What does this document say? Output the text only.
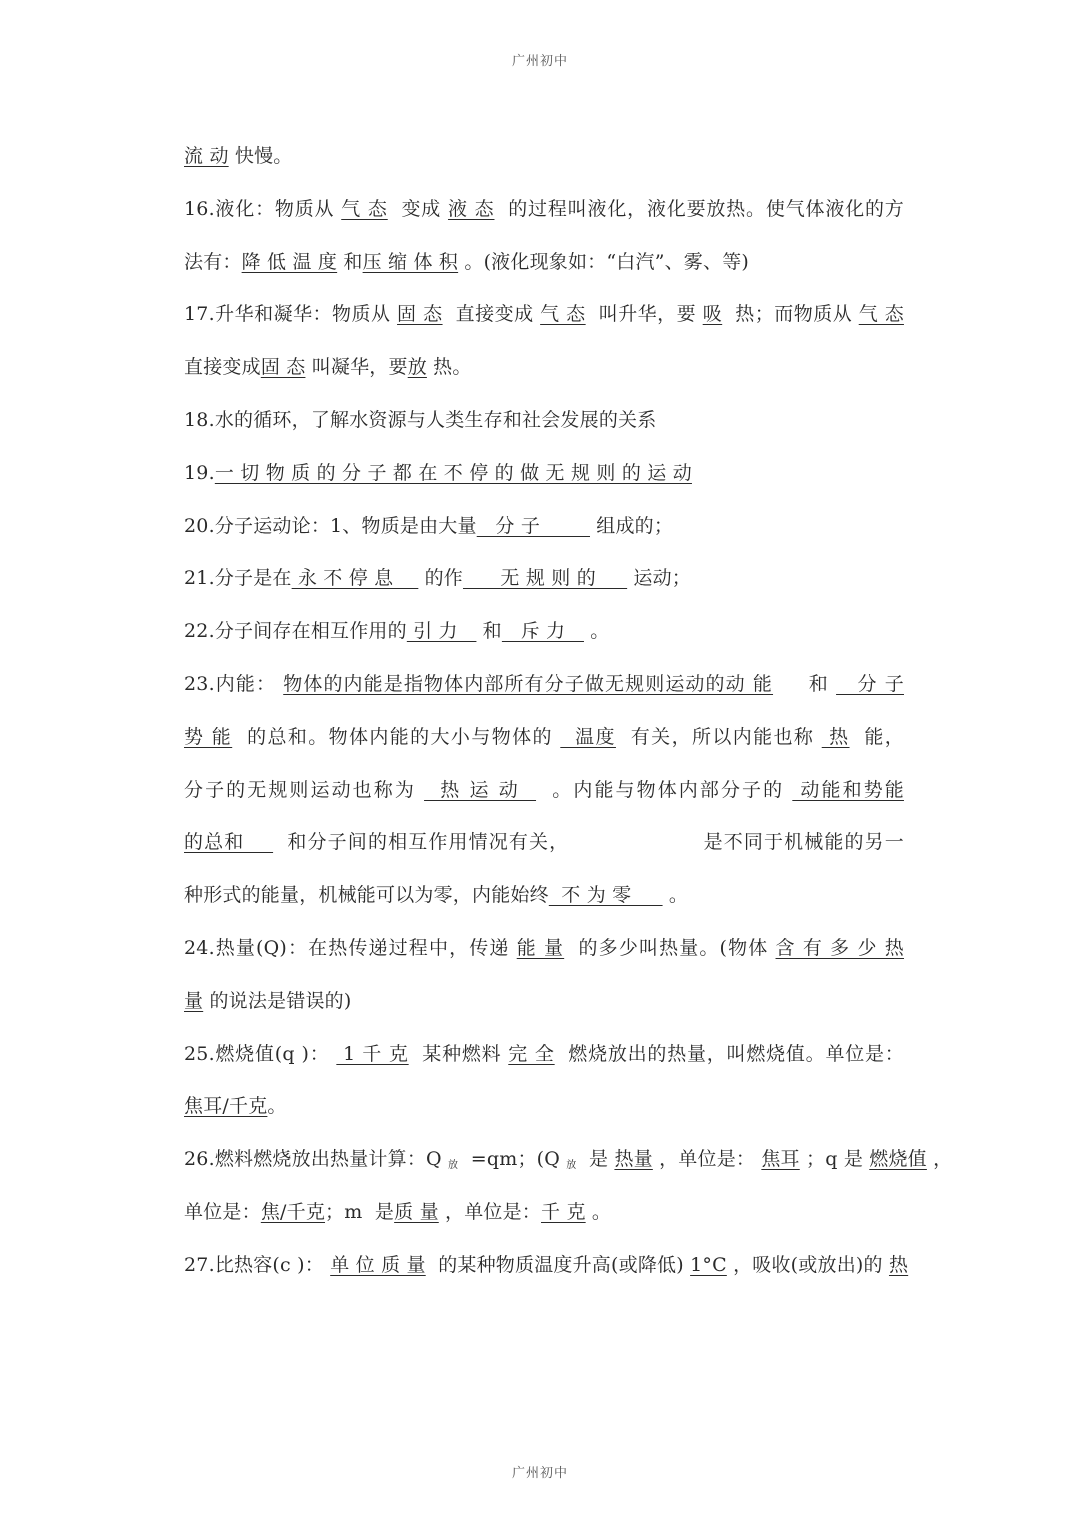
广州初中
流 动 快慢。
16.液化：物质从 气 态  变成 液 态  的过程叫液化，液化要放热。使气体液化的方
法有：降 低 温 度 和压 缩 体 积 。(液化现象如：“白汽”、雾、等)
17.升华和凝华：物质从 固 态  直接变成 气 态  叫升华，要 吸  热；而物质从 气 态
直接变成固 态 叫凝华，要放 热。
18.水的循环，了解水资源与人类生存和社会发展的关系
19.一 切 物 质 的 分 子 都 在 不 停 的 做 无 规 则 的 运 动
20.分子运动论：1、物质是由大量   分 子         组成的；
21.分子是在 永 不 停 息     的作      无 规 则 的      运动；
22.分子间存在相互作用的 引 力    和   斥 力    。
23.内能： 物体的内能是指物体内部所有分子做无规则运动的动 能     和    分 子
势 能  的总和。物体内能的大小与物体的   温度  有关，所以内能也称  热  能，
分子的无规则运动也称为   热 运 动    。内能与物体内部分子的  动能和势能
的总和      和分子间的相互作用情况有关，	是不同于机械能的另一
种形式的能量，机械能可以为零，内能始终  不 为 零      。
24.热量(Q)：在热传递过程中，传递 能 量  的多少叫热量。(物体 含 有 多 少 热
量 的说法是错误的)
25.燃烧值(q )：  1 千 克  某种燃料 完 全  燃烧放出的热量，叫燃烧值。单位是：
焦耳/千克。
26.燃料燃烧放出热量计算：Q $_放$  =qm；(Q $_放$  是 热量 ，单位是： 焦耳 ；q 是 燃烧值 ，
单位是：焦/千克；m  是质 量 ，单位是：千 克 。
27.比热容(c )： 单 位 质 量  的某种物质温度升高(或降低) 1°C ，吸收(或放出)的 热
广州初中
